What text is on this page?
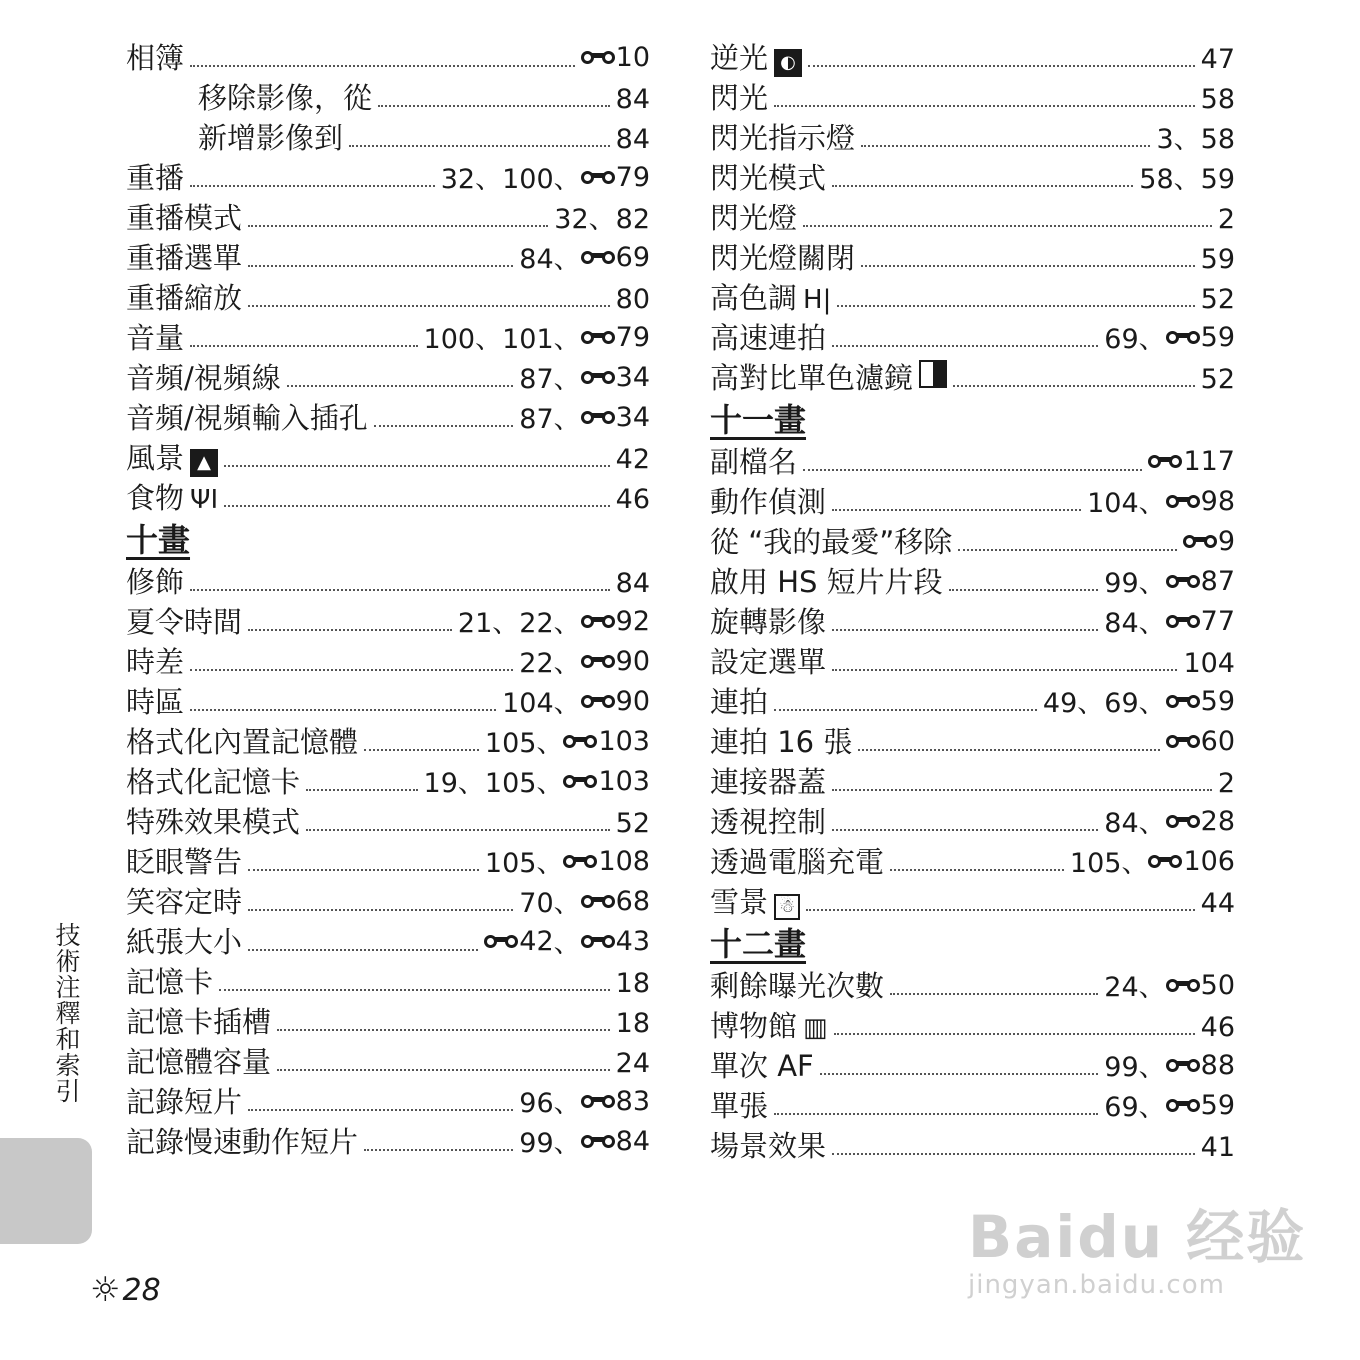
相簿	10
移除影像，從	84
新增影像到	84
重播	32 、 100 、 79
重播模式	32 、 82
重播選單	84 、 69
重播縮放	80
音量	100 、 101 、 79
音頻/視頻線	87 、 34
音頻/視頻輸入插孔	87 、 34
風景 ▲	42
食物 ΨΙ	46
十畫
修飾	84
夏令時間	21 、 22 、 92
時差	22 、 90
時區	104 、 90
格式化內置記憶體	105 、 103
格式化記憶卡	19 、 105 、 103
特殊效果模式	52
眨眼警告	105 、 108
笑容定時	70 、 68
紙張大小	42 、 43
記憶卡	18
記憶卡插槽	18
記憶體容量	24
記錄短片	96 、 83
記錄慢速動作短片	99 、 84
逆光 ◐	47
閃光	58
閃光指示燈	3 、 58
閃光模式	58 、 59
閃光燈	2
閃光燈關閉	59
高色調 H|	52
高速連拍	69 、 59
高對比單色濾鏡	52
十一畫
副檔名	117
動作偵測	104 、 98
從 “我的最愛”移除	9
啟用 HS 短片片段	99 、 87
旋轉影像	84 、 77
設定選單	104
連拍	49 、 69 、 59
連拍 16 張	60
連接器蓋	2
透視控制	84 、 28
透過電腦充電	105 、 106
雪景 ☃	44
十二畫
剩餘曝光次數	24 、 50
博物館 ▥	46
單次 AF	99 、 88
單張	69 、 59
場景效果	41
技術注釋和索引
☼ 28
Baidu 经验
jingyan.baidu.com
